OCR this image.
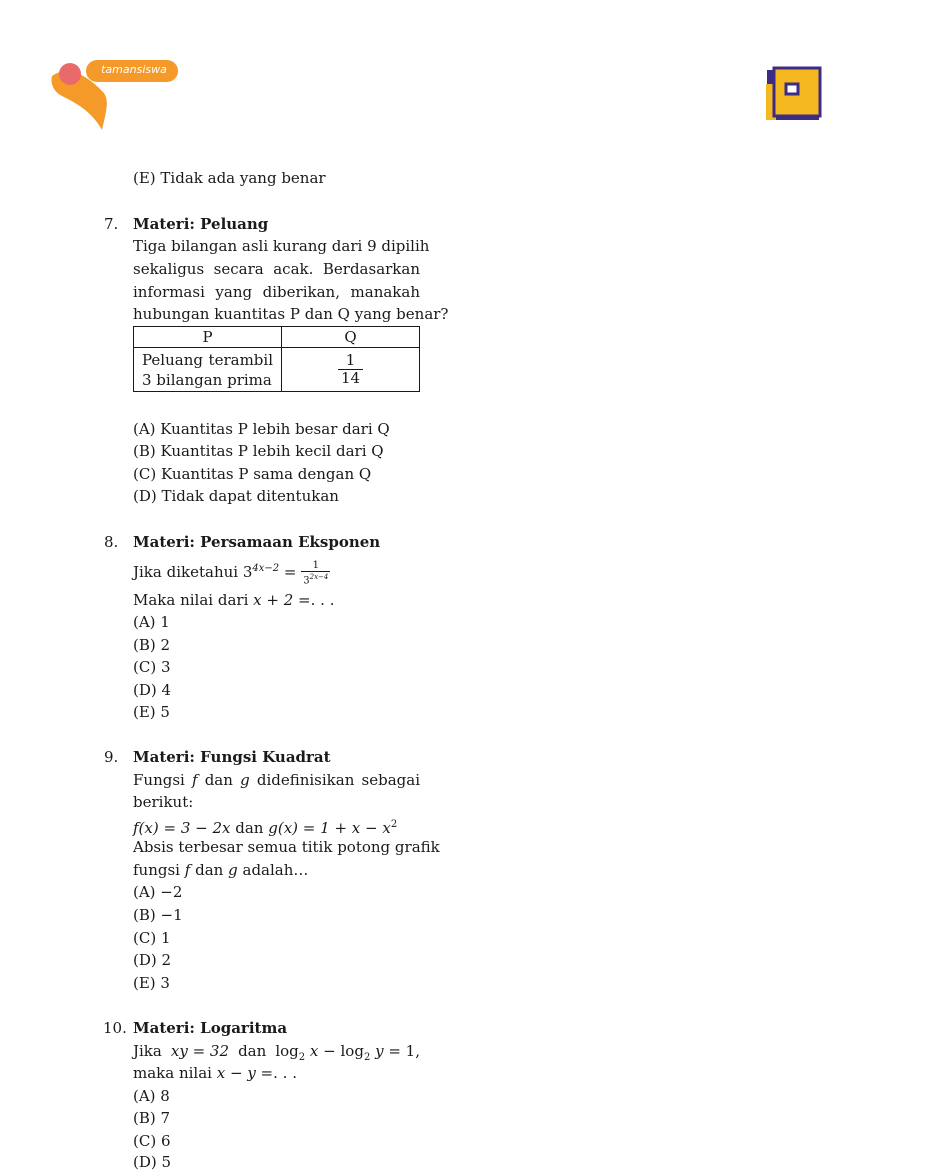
tamansiswa
(E) Tidak ada yang benar
7. Materi: Peluang
Tiga bilangan asli kurang dari 9 dipilih
sekaligus secara acak. Berdasarkan
informasi yang diberikan, manakah
hubungan kuantitas P dan Q yang benar?
P	Q

Peluang terambil
3 bilangan prima	$\frac{1}{14}$
(A) Kuantitas P lebih besar dari Q
(B) Kuantitas P lebih kecil dari Q
(C) Kuantitas P sama dengan Q
(D) Tidak dapat ditentukan
8. Materi: Persamaan Eksponen
Jika diketahui $3^{4x-2} = \frac{1}{3^{2x-4}}$
Maka nilai dari x + 2 =. . .
(A) 1
(B) 2
(C) 3
(D) 4
(E) 5
9. Materi: Fungsi Kuadrat
Fungsi f dan g didefinisikan sebagai
berikut:
f(x) = 3 − 2x dan $g(x) = 1 + x - x^2$
Absis terbesar semua titik potong grafik
fungsi f dan g adalah…
(A) −2
(B) −1
(C) 1
(D) 2
(E) 3
10. Materi: Logaritma
Jika xy = 32 dan $\log_2 x - \log_2 y = 1$,
maka nilai x − y =. . .
(A) 8
(B) 7
(C) 6
(D) 5
